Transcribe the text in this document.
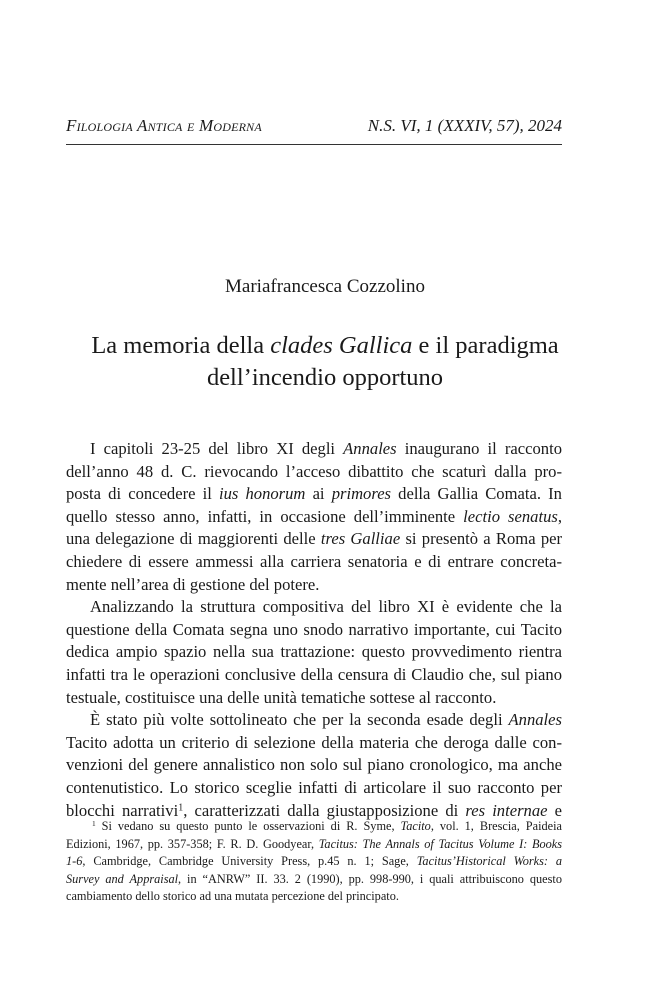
Filologia Antica e Moderna	N.S. VI, 1 (XXXIV, 57), 2024
Mariafrancesca Cozzolino
La memoria della clades Gallica e il paradigma
dell’incendio opportuno
I capitoli 23-25 del libro XI degli Annales inaugurano il racconto
dell’anno 48 d. C. rievocando l’acceso dibattito che scaturì dalla pro-
posta di concedere il ius honorum ai primores della Gallia Comata. In
quello stesso anno, infatti, in occasione dell’imminente lectio senatus,
una delegazione di maggiorenti delle tres Galliae si presentò a Roma per
chiedere di essere ammessi alla carriera senatoria e di entrare concreta-
mente nell’area di gestione del potere.
Analizzando la struttura compositiva del libro XI è evidente che la
questione della Comata segna uno snodo narrativo importante, cui Tacito
dedica ampio spazio nella sua trattazione: questo provvedimento rientra
infatti tra le operazioni conclusive della censura di Claudio che, sul piano
testuale, costituisce una delle unità tematiche sottese al racconto.
È stato più volte sottolineato che per la seconda esade degli Annales
Tacito adotta un criterio di selezione della materia che deroga dalle con-
venzioni del genere annalistico non solo sul piano cronologico, ma anche
contenutistico. Lo storico sceglie infatti di articolare il suo racconto per
blocchi narrativi$^1$, caratterizzati dalla giustapposizione di res internae e
$^1$ Si vedano su questo punto le osservazioni di R. Syme, Tacito, vol. 1, Brescia, Paideia
Edizioni, 1967, pp. 357-358; F. R. D. Goodyear, Tacitus: The Annals of Tacitus Volume I: Books
1-6, Cambridge, Cambridge University Press, p.45 n. 1; Sage, Tacitus’Historical Works: a
Survey and Appraisal, in “ANRW” II. 33. 2 (1990), pp. 998-990, i quali attribuiscono questo
cambiamento dello storico ad una mutata percezione del principato.
